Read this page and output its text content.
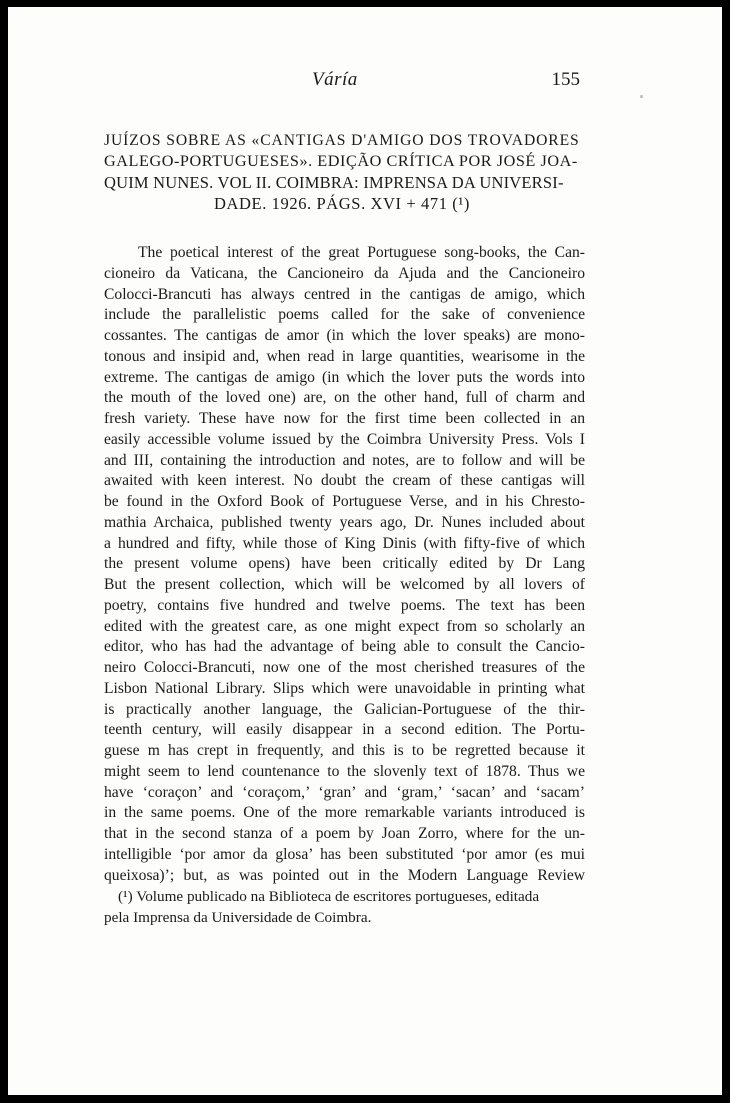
Váría	155
JUÍZOS SOBRE AS «CANTIGAS D'AMIGO DOS TROVADORES
GALEGO-PORTUGUESES». EDIÇÃO CRÍTICA POR JOSÉ JOA-
QUIM NUNES. VOL II. COIMBRA: IMPRENSA DA UNIVERSI-
DADE. 1926. PÁGS. XVI + 471 (¹)
The poetical interest of the great Portuguese song-books, the Can-
cioneiro da Vaticana, the Cancioneiro da Ajuda and the Cancioneiro
Colocci-Brancuti has always centred in the cantigas de amigo, which
include the parallelistic poems called for the sake of convenience
cossantes. The cantigas de amor (in which the lover speaks) are mono-
tonous and insipid and, when read in large quantities, wearisome in the
extreme. The cantigas de amigo (in which the lover puts the words into
the mouth of the loved one) are, on the other hand, full of charm and
fresh variety. These have now for the first time been collected in an
easily accessible volume issued by the Coimbra University Press. Vols I
and III, containing the introduction and notes, are to follow and will be
awaited with keen interest. No doubt the cream of these cantigas will
be found in the Oxford Book of Portuguese Verse, and in his Chresto-
mathia Archaica, published twenty years ago, Dr. Nunes included about
a hundred and fifty, while those of King Dinis (with fifty-five of which
the present volume opens) have been critically edited by Dr Lang
But the present collection, which will be welcomed by all lovers of
poetry, contains five hundred and twelve poems. The text has been
edited with the greatest care, as one might expect from so scholarly an
editor, who has had the advantage of being able to consult the Cancio-
neiro Colocci-Brancuti, now one of the most cherished treasures of the
Lisbon National Library. Slips which were unavoidable in printing what
is practically another language, the Galician-Portuguese of the thir-
teenth century, will easily disappear in a second edition. The Portu-
guese m has crept in frequently, and this is to be regretted because it
might seem to lend countenance to the slovenly text of 1878. Thus we
have ‘coraçon’ and ‘coraçom,’ ‘gran’ and ‘gram,’ ‘sacan’ and ‘sacam’
in the same poems. One of the more remarkable variants introduced is
that in the second stanza of a poem by Joan Zorro, where for the un-
intelligible ‘por amor da glosa’ has been substituted ‘por amor (es mui
queixosa)’; but, as was pointed out in the Modern Language Review
(¹) Volume publicado na Biblioteca de escritores portugueses, editada
pela Imprensa da Universidade de Coimbra.
